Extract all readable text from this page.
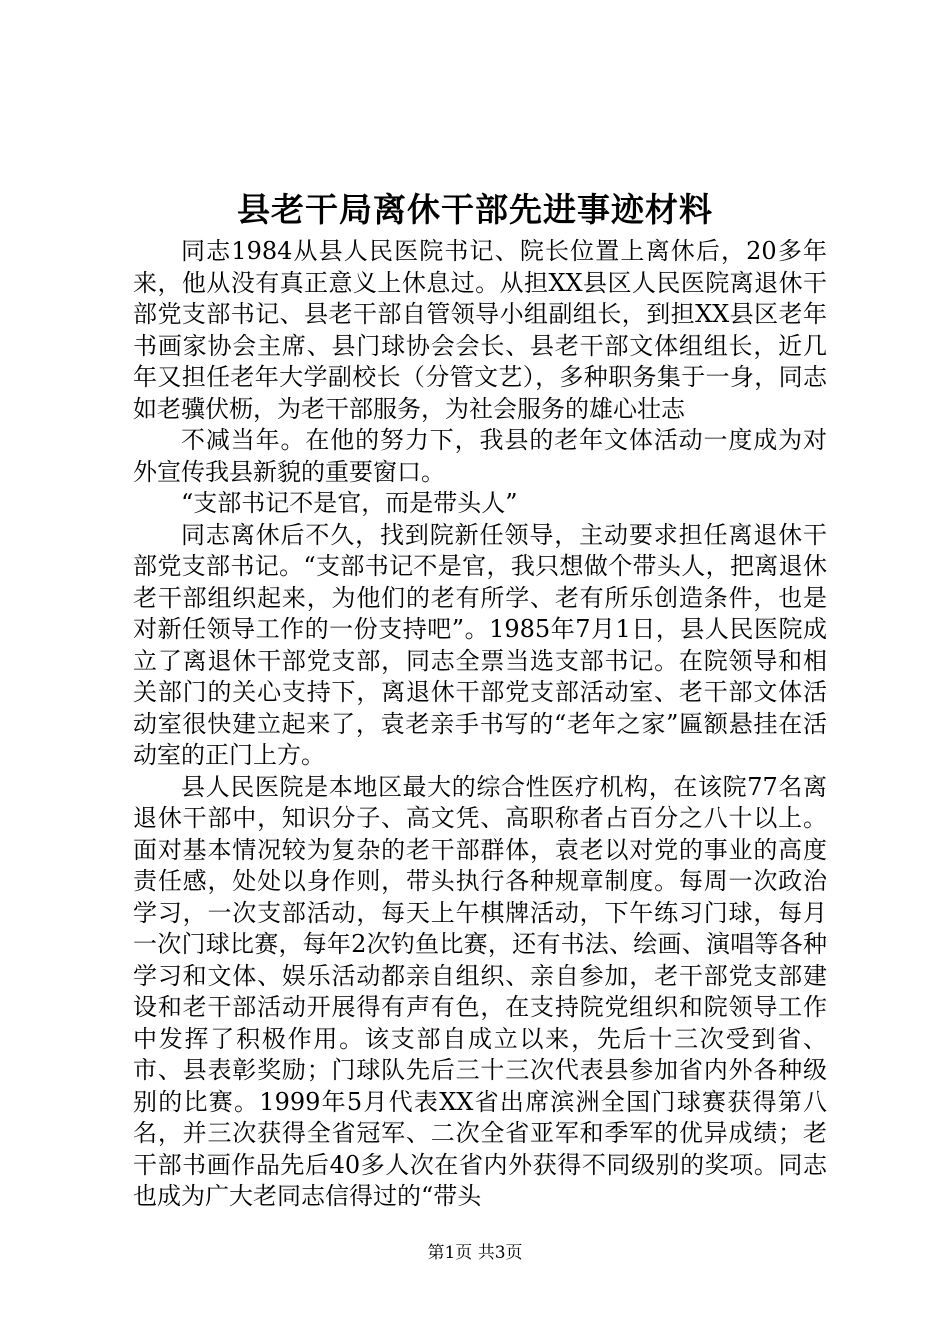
县老干局离休干部先进事迹材料

同志1984从县人民医院书记、院长位置上离休后，20多年来，他从没有真正意义上休息过。从担XX县区人民医院离退休干部党支部书记、县老干部自管领导小组副组长，到担XX县区老年书画家协会主席、县门球协会会长、县老干部文体组组长，近几年又担任老年大学副校长（分管文艺），多种职务集于一身，同志如老骥伏枥，为老干部服务，为社会服务的雄心壮志

不减当年。在他的努力下，我县的老年文体活动一度成为对外宣传我县新貌的重要窗口。

“支部书记不是官，而是带头人”

同志离休后不久，找到院新任领导，主动要求担任离退休干部党支部书记。“支部书记不是官，我只想做个带头人，把离退休老干部组织起来，为他们的老有所学、老有所乐创造条件，也是对新任领导工作的一份支持吧”。1985年7月1日，县人民医院成立了离退休干部党支部，同志全票当选支部书记。在院领导和相关部门的关心支持下，离退休干部党支部活动室、老干部文体活动室很快建立起来了，袁老亲手书写的“老年之家”匾额悬挂在活动室的正门上方。

县人民医院是本地区最大的综合性医疗机构，在该院77名离退休干部中，知识分子、高文凭、高职称者占百分之八十以上。面对基本情况较为复杂的老干部群体，袁老以对党的事业的高度责任感，处处以身作则，带头执行各种规章制度。每周一次政治学习，一次支部活动，每天上午棋牌活动，下午练习门球，每月一次门球比赛，每年2次钓鱼比赛，还有书法、绘画、演唱等各种学习和文体、娱乐活动都亲自组织、亲自参加，老干部党支部建设和老干部活动开展得有声有色，在支持院党组织和院领导工作中发挥了积极作用。该支部自成立以来，先后十三次受到省、市、县表彰奖励；门球队先后三十三次代表县参加省内外各种级别的比赛。1999年5月代表XX省出席滨洲全国门球赛获得第八名，并三次获得全省冠军、二次全省亚军和季军的优异成绩；老干部书画作品先后40多人次在省内外获得不同级别的奖项。同志也成为广大老同志信得过的“带头

第1页 共3页
